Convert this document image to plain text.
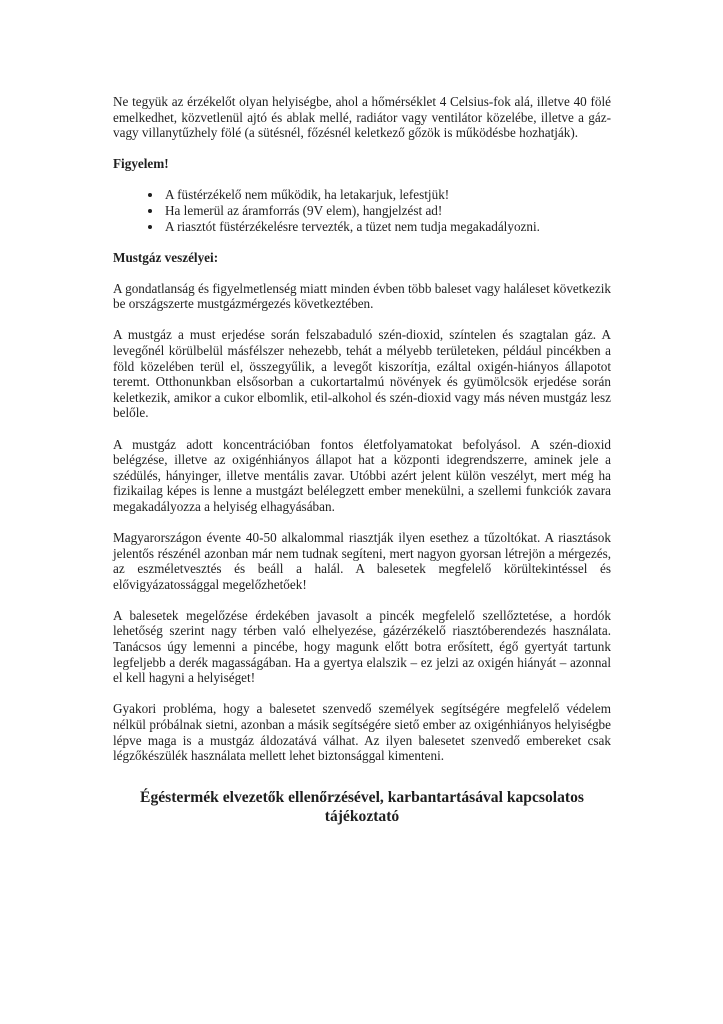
Ne tegyük az érzékelőt olyan helyiségbe, ahol a hőmérséklet 4 Celsius-fok alá, illetve 40 fölé emelkedhet, közvetlenül ajtó és ablak mellé, radiátor vagy ventilátor közelébe, illetve a gáz- vagy villanytűzhely fölé (a sütésnél, főzésnél keletkező gőzök is működésbe hozhatják).

Figyelem!

• A füstérzékelő nem működik, ha letakarjuk, lefestjük!
• Ha lemerül az áramforrás (9V elem), hangjelzést ad!
• A riasztót füstérzékelésre tervezték, a tüzet nem tudja megakadályozni.

Mustgáz veszélyei:

A gondatlanság és figyelmetlenség miatt minden évben több baleset vagy haláleset következik be országszerte mustgázmérgezés következtében.

A mustgáz a must erjedése során felszabaduló szén-dioxid, színtelen és szagtalan gáz. A levegőnél körülbelül másfélszer nehezebb, tehát a mélyebb területeken, például pincékben a föld közelében terül el, összegyűlik, a levegőt kiszorítja, ezáltal oxigén-hiányos állapotot teremt. Otthonunkban elsősorban a cukortartalmú növények és gyümölcsök erjedése során keletkezik, amikor a cukor elbomlik, etil-alkohol és szén-dioxid vagy más néven mustgáz lesz belőle.

A mustgáz adott koncentrációban fontos életfolyamatokat befolyásol. A szén-dioxid belégzése, illetve az oxigénhiányos állapot hat a központi idegrendszerre, aminek jele a szédülés, hányinger, illetve mentális zavar. Utóbbi azért jelent külön veszélyt, mert még ha fizikailag képes is lenne a mustgázt belélegzett ember menekülni, a szellemi funkciók zavara megakadályozza a helyiség elhagyásában.

Magyarországon évente 40-50 alkalommal riasztják ilyen esethez a tűzoltókat. A riasztások jelentős részénél azonban már nem tudnak segíteni, mert nagyon gyorsan létrejön a mérgezés, az eszméletvesztés és beáll a halál. A balesetek megfelelő körültekintéssel és elővigyázatossággal megelőzhetőek!

A balesetek megelőzése érdekében javasolt a pincék megfelelő szellőztetése, a hordók lehetőség szerint nagy térben való elhelyezése, gázérzékelő riasztóberendezés használata. Tanácsos úgy lemenni a pincébe, hogy magunk előtt botra erősített, égő gyertyát tartunk legfeljebb a derék magasságában. Ha a gyertya elalszik – ez jelzi az oxigén hiányát – azonnal el kell hagyni a helyiséget!

Gyakori probléma, hogy a balesetet szenvedő személyek segítségére megfelelő védelem nélkül próbálnak sietni, azonban a másik segítségére siető ember az oxigénhiányos helyiségbe lépve maga is a mustgáz áldozatává válhat. Az ilyen balesetet szenvedő embereket csak légzőkészülék használata mellett lehet biztonsággal kimenteni.

Égéstermék elvezetők ellenőrzésével, karbantartásával kapcsolatos tájékoztató
